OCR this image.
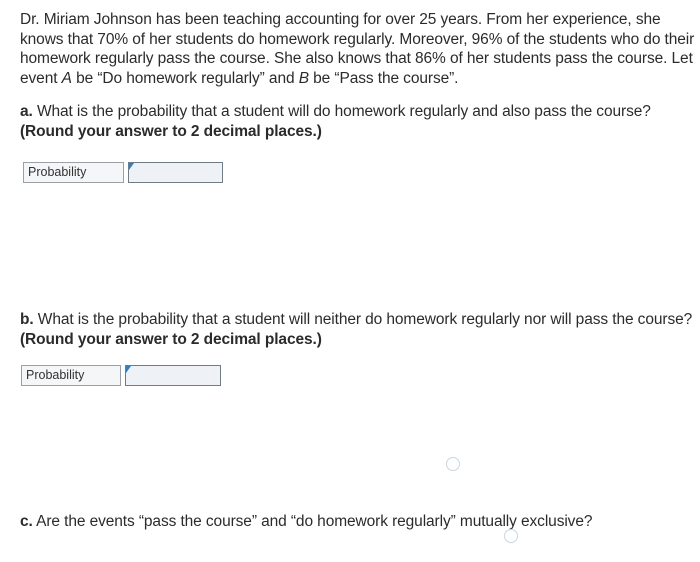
Dr. Miriam Johnson has been teaching accounting for over 25 years. From her experience, she
knows that 70% of her students do homework regularly. Moreover, 96% of the students who do their
homework regularly pass the course. She also knows that 86% of her students pass the course. Let
event A be “Do homework regularly” and B be “Pass the course”.
a. What is the probability that a student will do homework regularly and also pass the course?
(Round your answer to 2 decimal places.)
Probability
b. What is the probability that a student will neither do homework regularly nor will pass the course?
(Round your answer to 2 decimal places.)
Probability
c. Are the events “pass the course” and “do homework regularly” mutually exclusive?
